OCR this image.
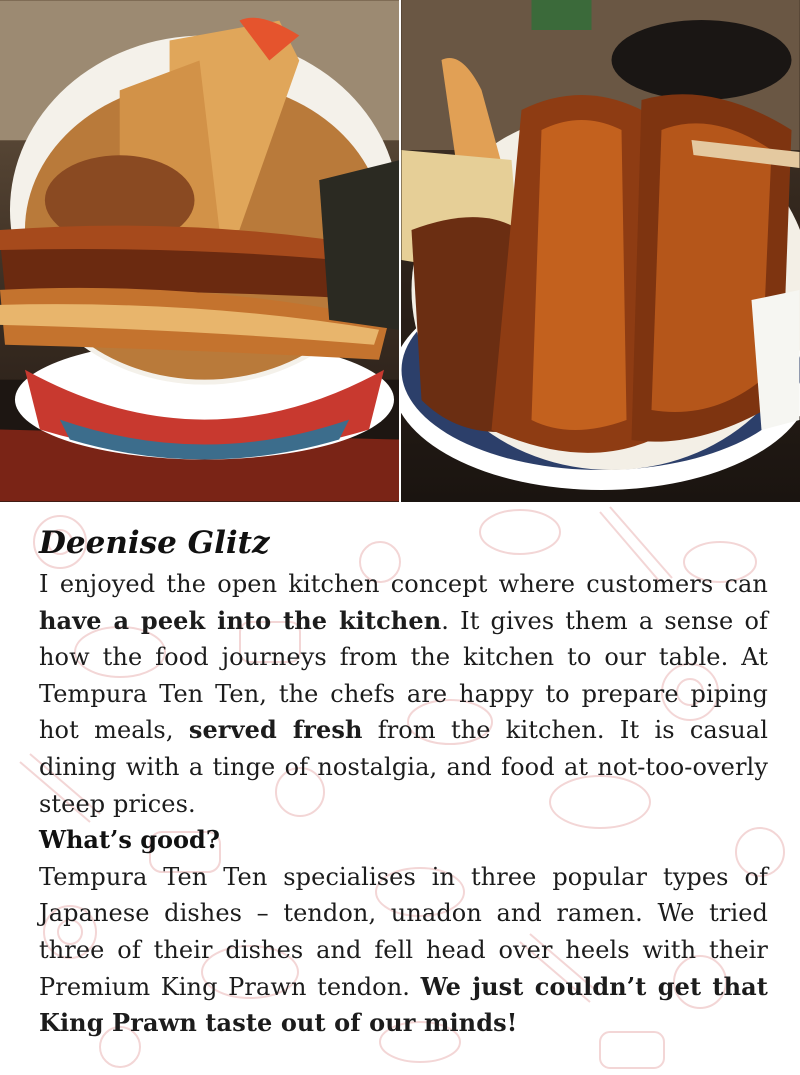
Deenise Glitz

I enjoyed the open kitchen concept where customers can have a peek into the kitchen. It gives them a sense of how the food journeys from the kitchen to our table. At Tempura Ten Ten, the chefs are happy to prepare piping hot meals, served fresh from the kitchen. It is casual dining with a tinge of nostalgia, and food at not-too-overly steep prices.

What’s good?

Tempura Ten Ten specialises in three popular types of Japanese dishes – tendon, unadon and ramen. We tried three of their dishes and fell head over heels with their Premium King Prawn tendon. We just couldn’t get that King Prawn taste out of our minds!
